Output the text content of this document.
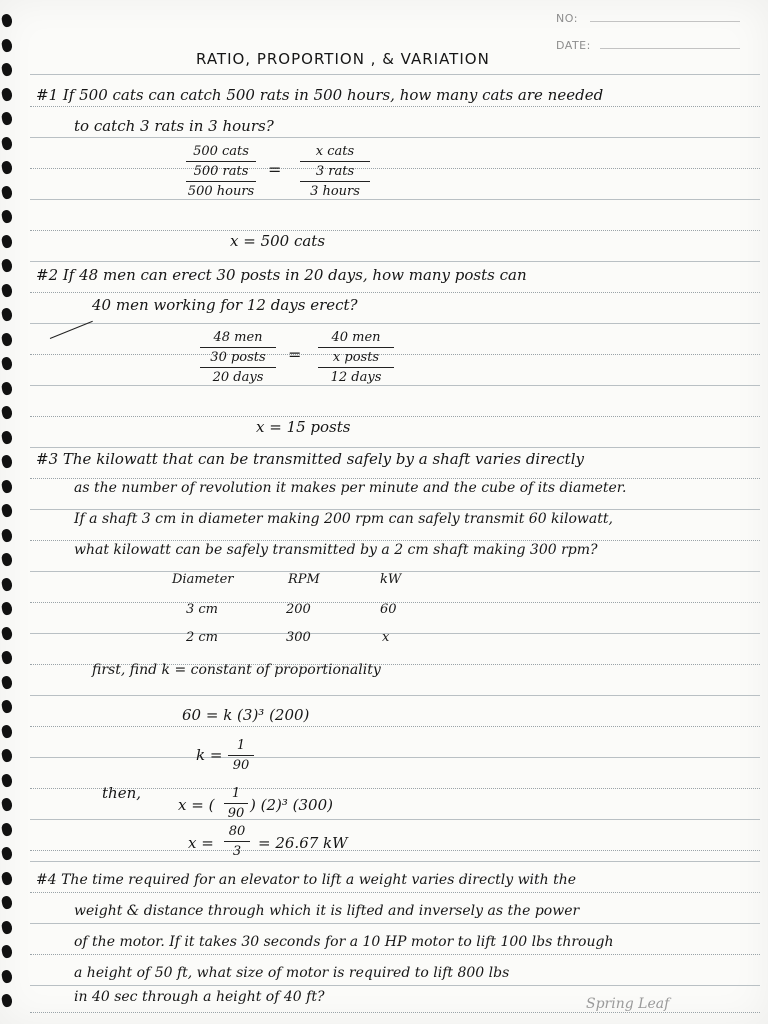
NO:
DATE:
RATIO, PROPORTION , & VARIATION
#1 If 500 cats can catch 500 rats in 500 hours, how many cats are needed
to catch 3 rats in 3 hours?
500 cats
500 rats
500 hours
=
x cats
3 rats
3 hours
x = 500 cats
#2 If 48 men can erect 30 posts in 20 days, how many posts can
40 men working for 12 days erect?
48 men
30 posts
20 days
=
40 men
x posts
12 days
x = 15 posts
#3 The kilowatt that can be transmitted safely by a shaft varies directly
as the number of revolution it makes per minute and the cube of its diameter.
If a shaft 3 cm in diameter making 200 rpm can safely transmit 60 kilowatt,
what kilowatt can be safely transmitted by a 2 cm shaft making 300 rpm?
Diameter	RPM	kW
3 cm	200	60
2 cm	300	x
first, find k = constant of proportionality
60 = k (3)³ (200)
k =
1
90
then,
x = (
1
90 ) (2)³ (300)
x =
80
3	= 26.67 kW
#4 The time required for an elevator to lift a weight varies directly with the
weight & distance through which it is lifted and inversely as the power
of the motor. If it takes 30 seconds for a 10 HP motor to lift 100 lbs through
a height of 50 ft, what size of motor is required to lift 800 lbs
in 40 sec through a height of 40 ft?	Spring Leaf
